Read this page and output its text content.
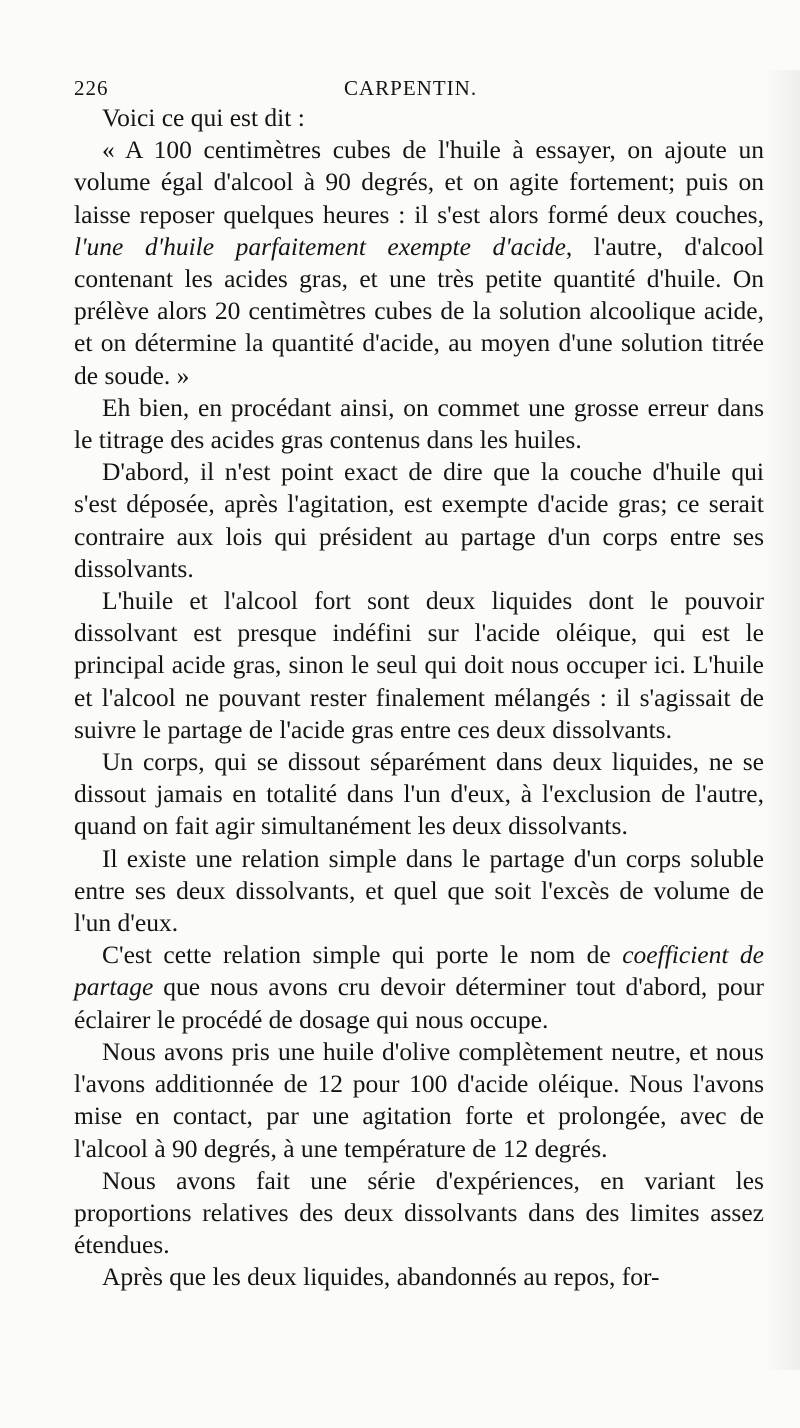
226	CARPENTIN.

Voici ce qui est dit :

« A 100 centimètres cubes de l'huile à essayer, on ajoute un volume égal d'alcool à 90 degrés, et on agite fortement; puis on laisse reposer quelques heures : il s'est alors formé deux couches, l'une d'huile parfaitement exempte d'acide, l'autre, d'alcool contenant les acides gras, et une très petite quantité d'huile. On prélève alors 20 centimètres cubes de la solution alcoolique acide, et on détermine la quantité d'acide, au moyen d'une solution titrée de soude. »

Eh bien, en procédant ainsi, on commet une grosse erreur dans le titrage des acides gras contenus dans les huiles.

D'abord, il n'est point exact de dire que la couche d'huile qui s'est déposée, après l'agitation, est exempte d'acide gras; ce serait contraire aux lois qui président au partage d'un corps entre ses dissolvants.

L'huile et l'alcool fort sont deux liquides dont le pouvoir dissolvant est presque indéfini sur l'acide oléique, qui est le principal acide gras, sinon le seul qui doit nous occuper ici. L'huile et l'alcool ne pouvant rester finalement mélangés : il s'agissait de suivre le partage de l'acide gras entre ces deux dissolvants.

Un corps, qui se dissout séparément dans deux liquides, ne se dissout jamais en totalité dans l'un d'eux, à l'exclusion de l'autre, quand on fait agir simultanément les deux dissolvants.

Il existe une relation simple dans le partage d'un corps soluble entre ses deux dissolvants, et quel que soit l'excès de volume de l'un d'eux.

C'est cette relation simple qui porte le nom de coefficient de partage que nous avons cru devoir déterminer tout d'abord, pour éclairer le procédé de dosage qui nous occupe.

Nous avons pris une huile d'olive complètement neutre, et nous l'avons additionnée de 12 pour 100 d'acide oléique. Nous l'avons mise en contact, par une agitation forte et prolongée, avec de l'alcool à 90 degrés, à une température de 12 degrés.

Nous avons fait une série d'expériences, en variant les proportions relatives des deux dissolvants dans des limites assez étendues.

Après que les deux liquides, abandonnés au repos, for-
